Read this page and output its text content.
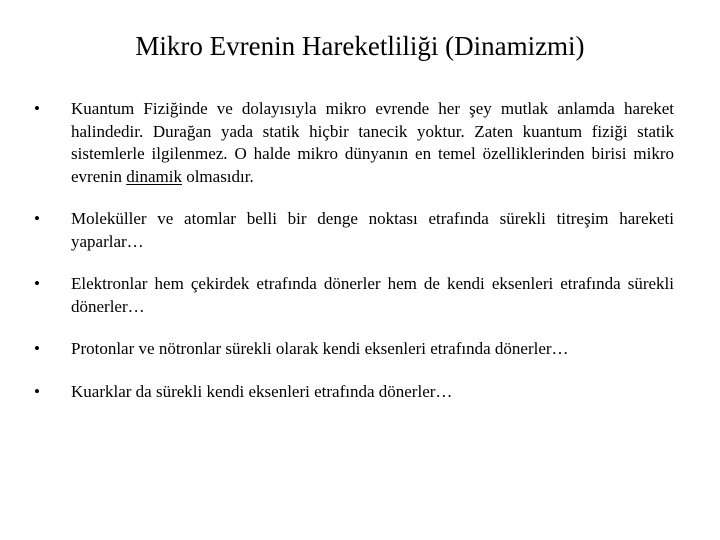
Mikro Evrenin Hareketliliği (Dinamizmi)
•	Kuantum Fiziğinde ve dolayısıyla mikro evrende her şey mutlak anlamda hareket halindedir. Durağan yada statik hiçbir tanecik yoktur. Zaten kuantum fiziği statik sistemlerle ilgilenmez. O halde mikro dünyanın en temel özelliklerinden birisi mikro evrenin dinamik olmasıdır.
•	Moleküller ve atomlar belli bir denge noktası etrafında sürekli titreşim hareketi yaparlar…
•	Elektronlar hem çekirdek etrafında dönerler hem de kendi eksenleri etrafında sürekli dönerler…
•	Protonlar ve nötronlar sürekli olarak kendi eksenleri etrafında dönerler…
•	Kuarklar da sürekli kendi eksenleri etrafında dönerler…
